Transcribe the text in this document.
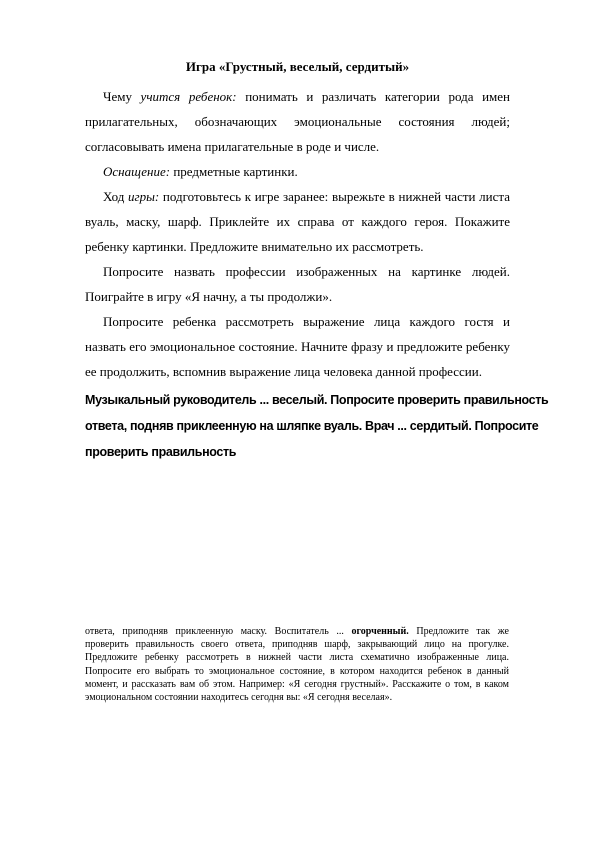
Игра «Грустный, веселый, сердитый»

Чему учится ребенок: понимать и различать категории рода имен прилагательных, обозначающих эмоциональные состояния людей; согласовывать имена прилагательные в роде и числе.

Оснащение: предметные картинки.

Ход игры: подготовьтесь к игре заранее: вырежьте в нижней части листа вуаль, маску, шарф. Приклейте их справа от каждого героя. Покажите ребенку картинки. Предложите внимательно их рассмотреть.

Попросите назвать профессии изображенных на картинке людей. Поиграйте в игру «Я начну, а ты продолжи».

Попросите ребенка рассмотреть выражение лица каждого гостя и назвать его эмоциональное состояние. Начните фразу и предложите ребенку ее продолжить, вспомнив выражение лица человека данной профессии.

Музыкальный руководитель ... веселый. Попросите проверить правильность
ответа, подняв приклеенную на шляпке вуаль. Врач ... сердитый. Попросите
проверить правильность
ответа, приподняв приклеенную маску. Воспитатель ... огорченный. Предложите так же проверить правильность своего ответа, приподняв шарф, закрывающий лицо на прогулке. Предложите ребенку рассмотреть в нижней части листа схематично изображенные лица. Попросите его выбрать то эмоциональное состояние, в котором находится ребенок в данный момент, и рассказать вам об этом. Например: «Я сегодня грустный». Расскажите о том, в каком эмоциональном состоянии находитесь сегодня вы: «Я сегодня веселая».
